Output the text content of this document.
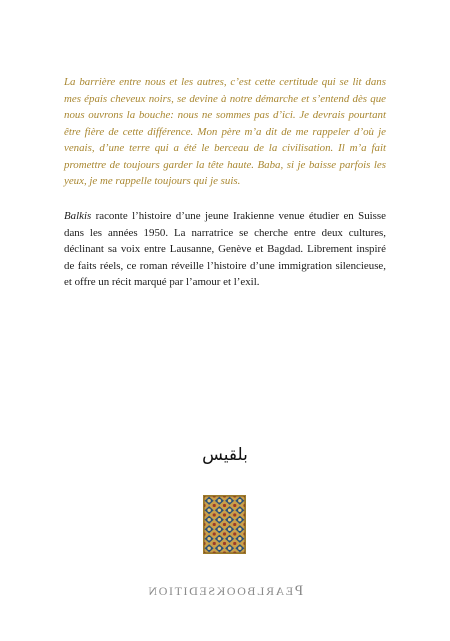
La barrière entre nous et les autres, c’est cette certitude qui se lit dans mes épais cheveux noirs, se devine à notre démarche et s’entend dès que nous ouvrons la bouche: nous ne sommes pas d’ici. Je devrais pourtant être fière de cette différence. Mon père m’a dit de me rappeler d’où je venais, d’une terre qui a été le berceau de la civilisation. Il m’a fait promettre de toujours garder la tête haute. Baba, si je baisse parfois les yeux, je me rappelle toujours qui je suis.

Balkis raconte l’histoire d’une jeune Irakienne venue étudier en Suisse dans les années 1950. La narratrice se cherche entre deux cultures, déclinant sa voix entre Lausanne, Genève et Bagdad. Librement inspiré de faits réels, ce roman réveille l’histoire d’une immigration silencieuse, et offre un récit marqué par l’amour et l’exil.

بلقيس
PEARLBOOKSEDITION
